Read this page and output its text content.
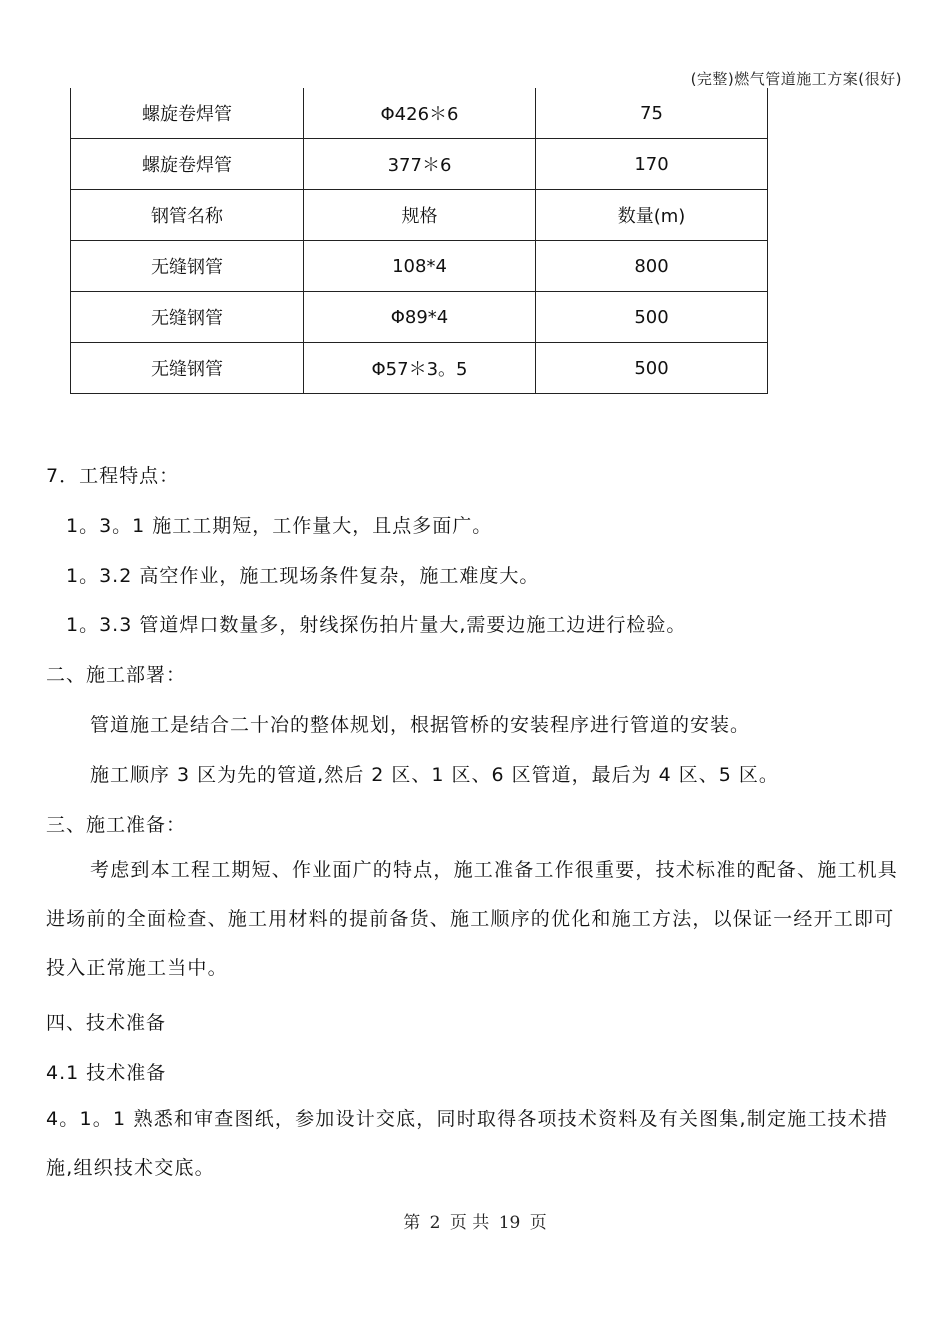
(完整)燃气管道施工方案(很好)
螺旋卷焊管	Φ426＊6	75
螺旋卷焊管	377＊6	170
钢管名称	规格	数量(m)
无缝钢管	108*4	800
无缝钢管	Φ89*4	500
无缝钢管	Φ57＊3。5	500
7．工程特点：
1。3。1 施工工期短，工作量大，且点多面广。
1。3.2 高空作业，施工现场条件复杂，施工难度大。
1。3.3 管道焊口数量多，射线探伤拍片量大,需要边施工边进行检验。
二、施工部署：
管道施工是结合二十冶的整体规划，根据管桥的安装程序进行管道的安装。
施工顺序 3 区为先的管道,然后 2 区、1 区、6 区管道，最后为 4 区、5 区。
三、施工准备：
考虑到本工程工期短、作业面广的特点，施工准备工作很重要，技术标准的配备、施工机具进场前的全面检查、施工用材料的提前备货、施工顺序的优化和施工方法，以保证一经开工即可投入正常施工当中。
四、技术准备
4.1 技术准备
4。1。1 熟悉和审查图纸，参加设计交底，同时取得各项技术资料及有关图集,制定施工技术措施,组织技术交底。
第 2 页 共 19 页
